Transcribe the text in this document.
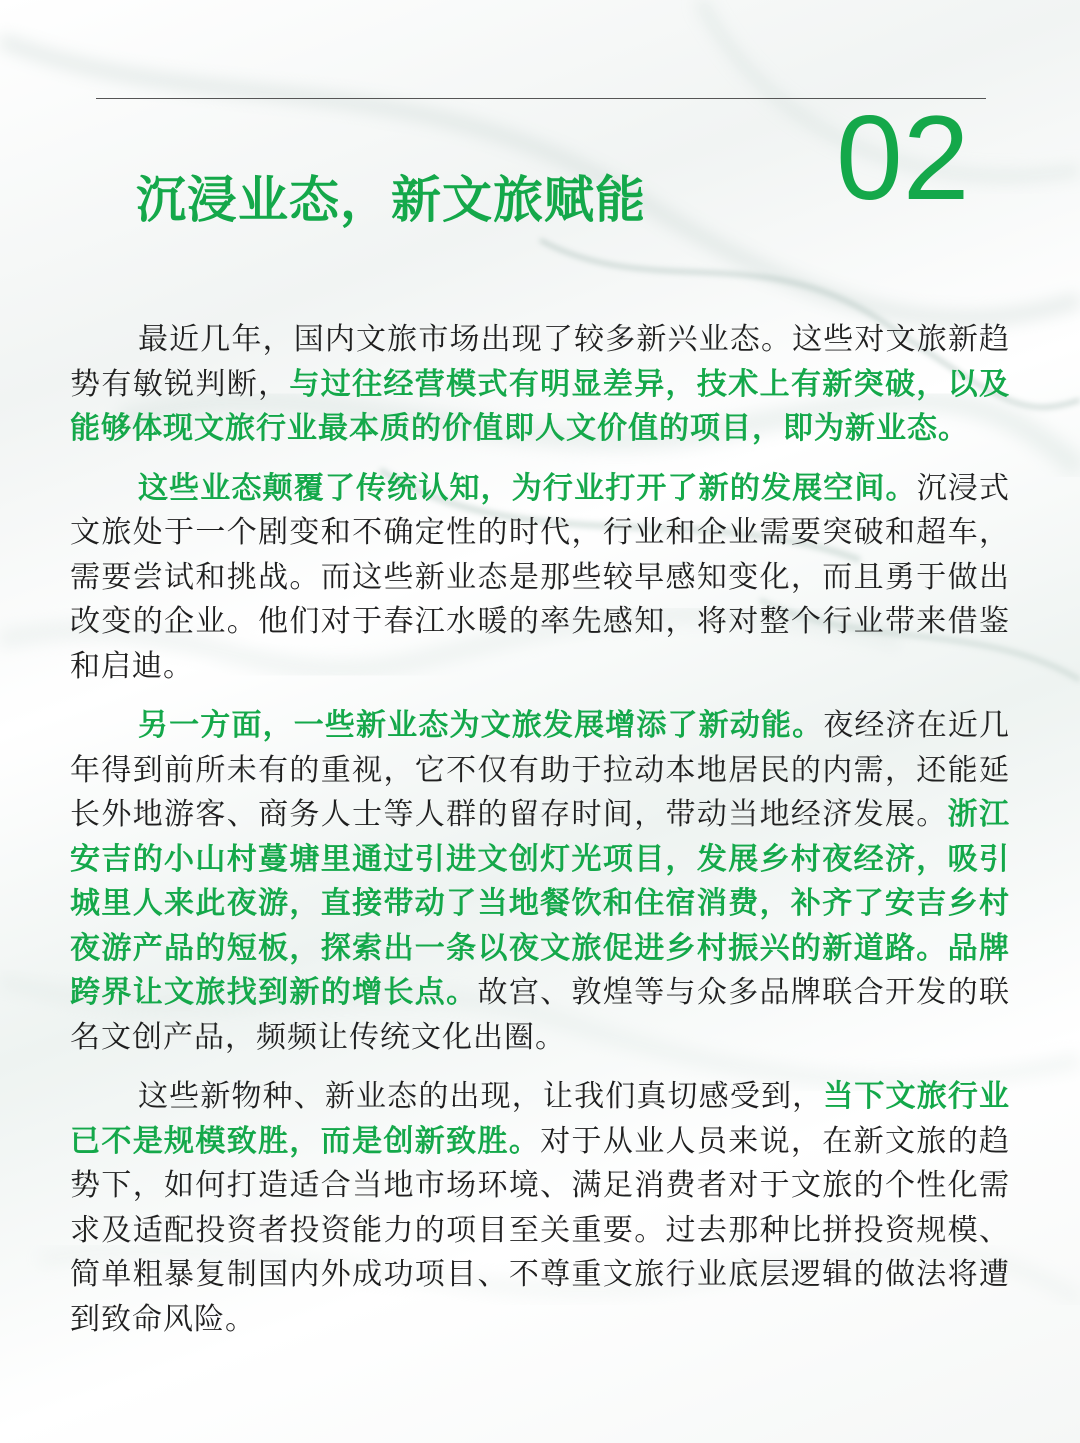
沉浸业态，新文旅赋能 02

最近几年，国内文旅市场出现了较多新兴业态。这些对文旅新趋势有敏锐判断，与过往经营模式有明显差异，技术上有新突破，以及能够体现文旅行业最本质的价值即人文价值的项目，即为新业态。

这些业态颠覆了传统认知，为行业打开了新的发展空间。沉浸式文旅处于一个剧变和不确定性的时代，行业和企业需要突破和超车，需要尝试和挑战。而这些新业态是那些较早感知变化，而且勇于做出改变的企业。他们对于春江水暖的率先感知，将对整个行业带来借鉴和启迪。

另一方面，一些新业态为文旅发展增添了新动能。夜经济在近几年得到前所未有的重视，它不仅有助于拉动本地居民的内需，还能延长外地游客、商务人士等人群的留存时间，带动当地经济发展。浙江安吉的小山村蔓塘里通过引进文创灯光项目，发展乡村夜经济，吸引城里人来此夜游，直接带动了当地餐饮和住宿消费，补齐了安吉乡村夜游产品的短板，探索出一条以夜文旅促进乡村振兴的新道路。品牌跨界让文旅找到新的增长点。故宫、敦煌等与众多品牌联合开发的联名文创产品，频频让传统文化出圈。

这些新物种、新业态的出现，让我们真切感受到，当下文旅行业已不是规模致胜，而是创新致胜。对于从业人员来说，在新文旅的趋势下，如何打造适合当地市场环境、满足消费者对于文旅的个性化需求及适配投资者投资能力的项目至关重要。过去那种比拼投资规模、简单粗暴复制国内外成功项目、不尊重文旅行业底层逻辑的做法将遭到致命风险。
